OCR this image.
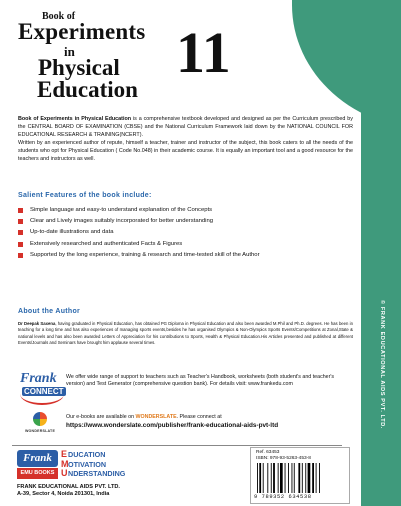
© FRANK EDUCATIONAL AIDS PVT. LTD.
Book of
Experiments
in
Physical
Education
11

Book of Experiments in Physical Education is a comprehensive textbook developed and designed as per the Curriculum prescribed by the CENTRAL BOARD OF EXAMINATION (CBSE) and the National Curriculum Framework laid down by the NATIONAL COUNCIL FOR EDUCATIONAL RESEARCH & TRAINING(NCERT).

Written by an experienced author of repute, himself a teacher, trainer and instructor of the subject, this book caters to all the needs of the students who opt for Physical Education ( Code No.048) in their academic course. It is equally an important tool and a good resource for the teachers and instructors as well.

Salient Features of the book include:
Simple language and easy-to understand explanation of the Concepts
Clear and Lively images suitably incorporated for better understanding
Up-to-date illustrations and data
Extensively researched and authenticated Facts & Figures
Supported by the long experience, training & research and time-tested skill of the Author
About the Author
Dr Deepak Saxena, having graduated in Physical Education, has obtained PG Diploma in Physical Education and also been awarded M.Phil and Ph.D. degrees. He has been in teaching for a long time and has also experiences of managing sports events,besides he has organised Olympics & Non-Olympics Sports Events/Competitions at Zonal,State & national levels and has also been awarded Letters of Appreciation for his contributions to Sports, Health & Physical Education.His Articles presented and published at different Events/Journals and Seminars have brought him applause several times.
Frank
CONNECT
We offer wide range of support to teachers such as Teacher's Handbook, worksheets (both student's and teacher's version) and Test Generator (comprehensive question bank). For details visit: www.frankedu.com
WONDERSLATE
Our e-books are available on WONDERSLATE. Please connect at
https://www.wonderslate.com/publisher/frank-educational-aids-pvt-ltd
Frank
EMU BOOKS
EDUCATION
MOTIVATION
UNDERSTANDING
FRANK EDUCATIONAL AIDS PVT. LTD.
A-39, Sector 4, Noida 201301, India
Ref. 63453
ISBN: 978-93-5263-453-8
9 789352 634538
